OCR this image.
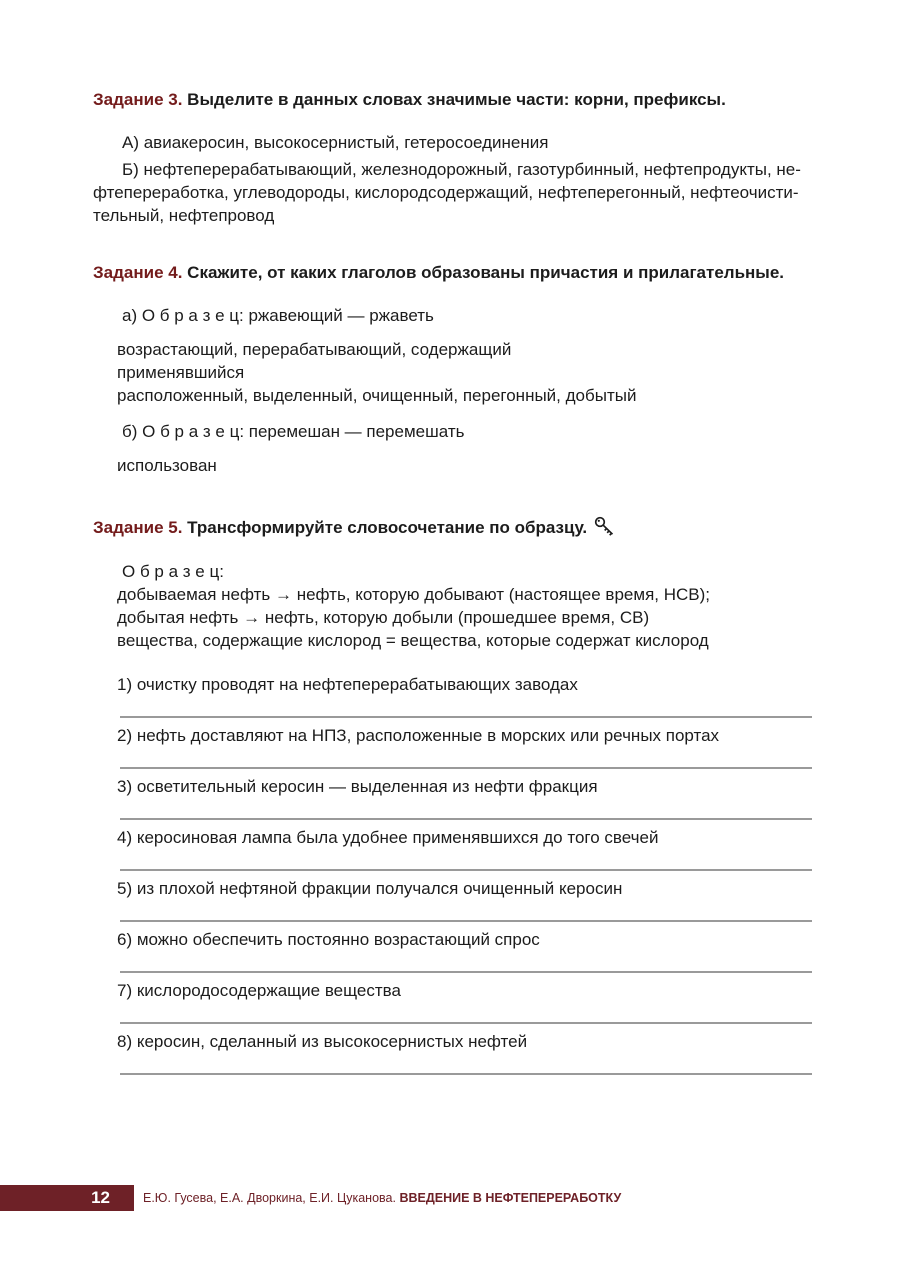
Задание 3. Выделите в данных словах значимые части: корни, префиксы.

А) авиакеросин, высокосернистый, гетеросоединения

Б) нефтеперерабатывающий, железнодорожный, газотурбинный, нефтепродукты, не-

фтепереработка, углеводороды, кислородсодержащий, нефтеперегонный, нефтеочисти-

тельный, нефтепровод

Задание 4. Скажите, от каких глаголов образованы причастия и прилагательные.

а) О б р а з е ц: ржавеющий — ржаветь

возрастающий, перерабатывающий, содержащий

применявшийся

расположенный, выделенный, очищенный, перегонный, добытый

б) О б р а з е ц: перемешан — перемешать

использован

Задание 5. Трансформируйте словосочетание по образцу.

О б р а з е ц:

добываемая нефть → нефть, которую добывают (настоящее время, НСВ);

добытая нефть → нефть, которую добыли (прошедшее время, СВ)

вещества, содержащие кислород = вещества, которые содержат кислород

1) очистку проводят на нефтеперерабатывающих заводах

2) нефть доставляют на НПЗ, расположенные в морских или речных портах

3) осветительный керосин — выделенная из нефти фракция

4) керосиновая лампа была удобнее применявшихся до того свечей

5) из плохой нефтяной фракции получался очищенный керосин

6) можно обеспечить постоянно возрастающий спрос

7) кислородосодержащие вещества

8) керосин, сделанный из высокосернистых нефтей

12	Е.Ю. Гусева, Е.А. Дворкина, Е.И. Цуканова. ВВЕДЕНИЕ В НЕФТЕПЕРЕРАБОТКУ
